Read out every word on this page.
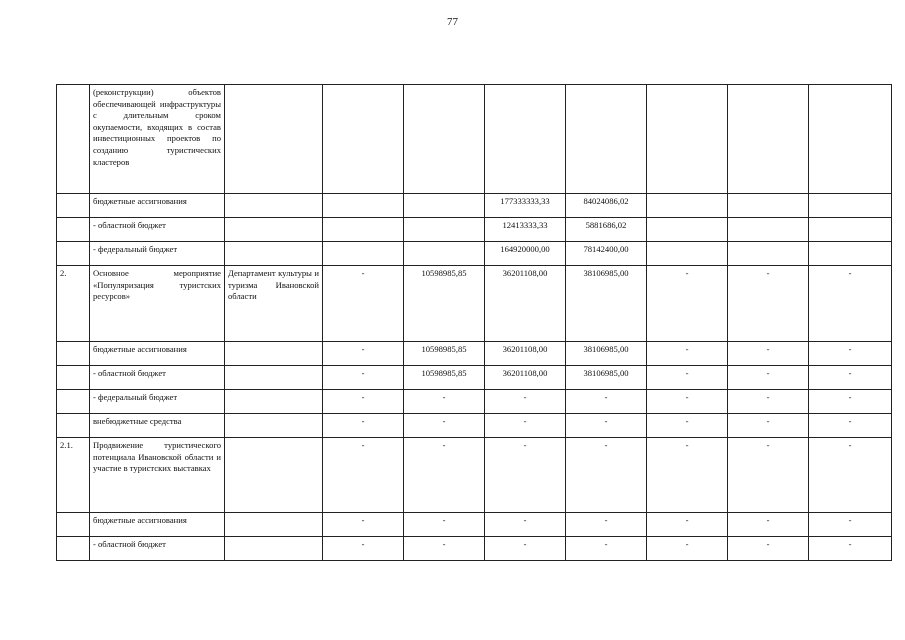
77
	(реконструкции) объектов обеспечивающей инфраструктуры с длительным сроком окупаемости, входящих в состав инвестиционных проектов по созданию туристических кластеров								
	бюджетные ассигнования				177333333,33	84024086,02			
	- областной бюджет				12413333,33	5881686,02			
	- федеральный бюджет				164920000,00	78142400,00			
2.	Основное мероприятие «Популяризация туристских ресурсов»	Департамент культуры и туризма Ивановской области	-	10598985,85	36201108,00	38106985,00	-	-	-
	бюджетные ассигнования		-	10598985,85	36201108,00	38106985,00	-	-	-
	- областной бюджет		-	10598985,85	36201108,00	38106985,00	-	-	-
	- федеральный бюджет		-	-	-	-	-	-	-
	внебюджетные средства		-	-	-	-	-	-	-
2.1.	Продвижение туристического потенциала Ивановской области и участие в туристских выставках		-	-	-	-	-	-	-
	бюджетные ассигнования		-	-	-	-	-	-	-
	- областной бюджет		-	-	-	-	-	-	-
